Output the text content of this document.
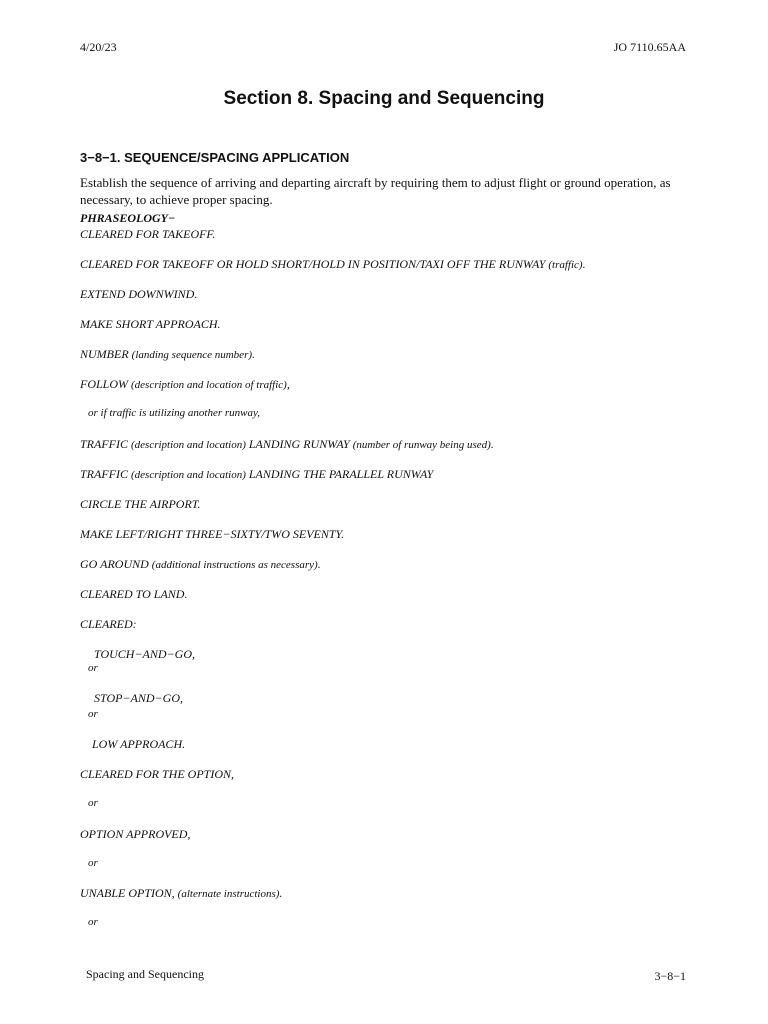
4/20/23	JO 7110.65AA
Section 8. Spacing and Sequencing
3−8−1. SEQUENCE/SPACING APPLICATION

Establish the sequence of arriving and departing aircraft by requiring them to adjust flight or ground operation, as necessary, to achieve proper spacing.

PHRASEOLOGY−
CLEARED FOR TAKEOFF.
CLEARED FOR TAKEOFF OR HOLD SHORT/HOLD IN POSITION/TAXI OFF THE RUNWAY (traffic).
EXTEND DOWNWIND.
MAKE SHORT APPROACH.
NUMBER (landing sequence number).
FOLLOW (description and location of traffic),
or if traffic is utilizing another runway,
TRAFFIC (description and location) LANDING RUNWAY (number of runway being used).
TRAFFIC (description and location) LANDING THE PARALLEL RUNWAY
CIRCLE THE AIRPORT.
MAKE LEFT/RIGHT THREE−SIXTY/TWO SEVENTY.
GO AROUND (additional instructions as necessary).
CLEARED TO LAND.
CLEARED:
TOUCH−AND−GO,
or
STOP−AND−GO,
or
LOW APPROACH.
CLEARED FOR THE OPTION,
or
OPTION APPROVED,
or
UNABLE OPTION, (alternate instructions).
or
Spacing and Sequencing	3−8−1
